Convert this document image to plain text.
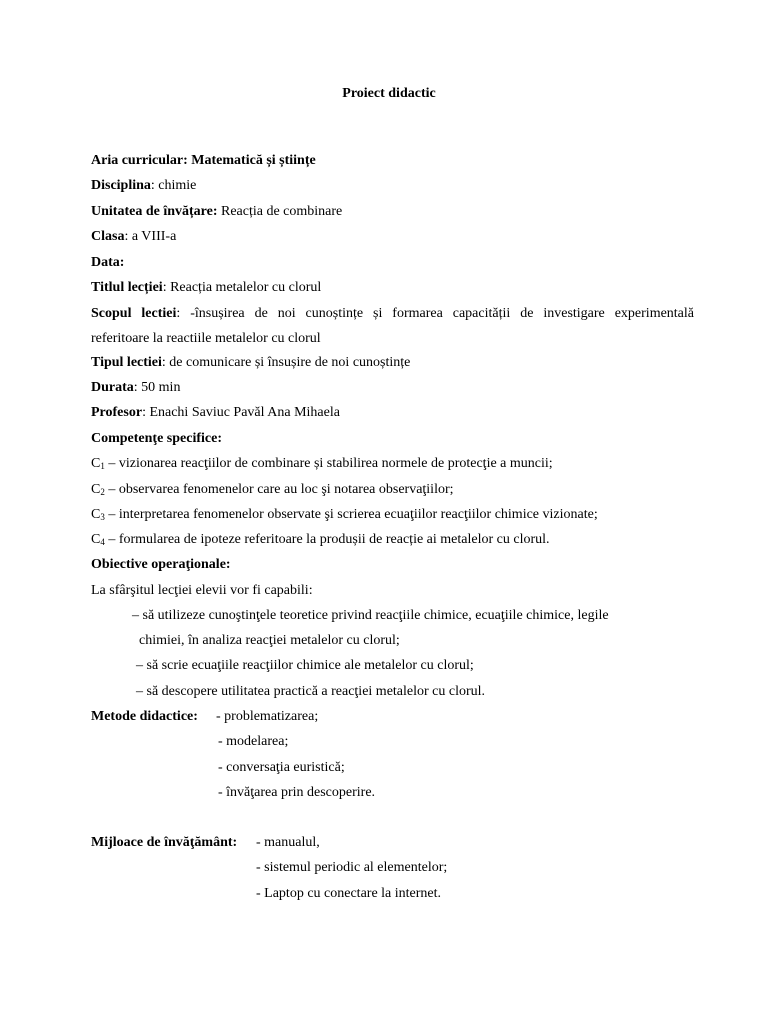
Proiect didactic
Aria curricular: Matematică și științe
Disciplina: chimie
Unitatea de învățare: Reacția de combinare
Clasa: a VIII-a
Data:
Titlul lecției: Reacția metalelor cu clorul
Scopul lectiei: -însușirea de noi cunoștințe și formarea capacității de investigare experimentală
referitoare la reactiile metalelor cu clorul
Tipul lectiei: de comunicare și însușire de noi cunoștințe
Durata: 50 min
Profesor: Enachi Saviuc Pavăl Ana Mihaela
Competenţe specifice:
$C_1$ – vizionarea reacţiilor de combinare și stabilirea normele de protecţie a muncii;
$C_2$ – observarea fenomenelor care au loc şi notarea observaţiilor;
$C_3$ – interpretarea fenomenelor observate şi scrierea ecuaţiilor reacţiilor chimice vizionate;
$C_4$ – formularea de ipoteze referitoare la produșii de reacție ai metalelor cu clorul.
Obiective operaţionale:
La sfârşitul lecţiei elevii vor fi capabili:
– să utilizeze cunoştinţele teoretice privind reacţiile chimice, ecuaţiile chimice, legile
chimiei, în analiza reacţiei metalelor cu clorul;
– să scrie ecuaţiile reacţiilor chimice ale metalelor cu clorul;
– să descopere utilitatea practică a reacţiei metalelor cu clorul.
Metode didactice: - problematizarea;
- modelarea;
- conversaţia euristică;
- învăţarea prin descoperire.
Mijloace de învăţământ: - manualul,
- sistemul periodic al elementelor;
- Laptop cu conectare la internet.
